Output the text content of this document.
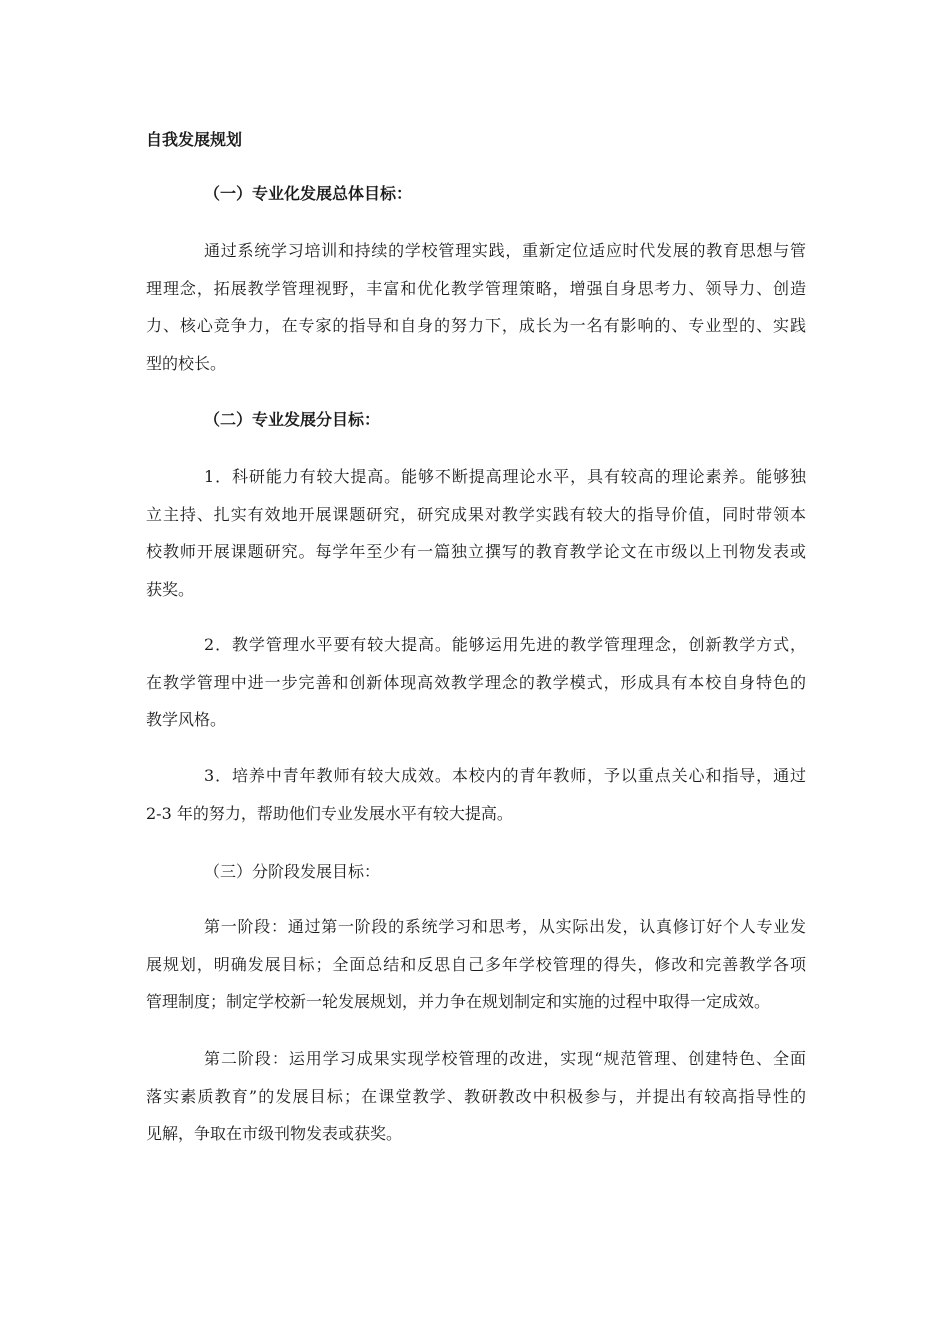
自我发展规划
（一）专业化发展总体目标：
通过系统学习培训和持续的学校管理实践，重新定位适应时代发展的教育思想与管
理理念，拓展教学管理视野，丰富和优化教学管理策略，增强自身思考力、领导力、创造
力、核心竞争力，在专家的指导和自身的努力下，成长为一名有影响的、专业型的、实践
型的校长。
（二）专业发展分目标：
1．科研能力有较大提高。能够不断提高理论水平，具有较高的理论素养。能够独
立主持、扎实有效地开展课题研究，研究成果对教学实践有较大的指导价值，同时带领本
校教师开展课题研究。每学年至少有一篇独立撰写的教育教学论文在市级以上刊物发表或
获奖。
2．教学管理水平要有较大提高。能够运用先进的教学管理理念，创新教学方式，
在教学管理中进一步完善和创新体现高效教学理念的教学模式，形成具有本校自身特色的
教学风格。
3．培养中青年教师有较大成效。本校内的青年教师，予以重点关心和指导，通过
2-3 年的努力，帮助他们专业发展水平有较大提高。
（三）分阶段发展目标：
第一阶段：通过第一阶段的系统学习和思考，从实际出发，认真修订好个人专业发
展规划，明确发展目标；全面总结和反思自己多年学校管理的得失，修改和完善教学各项
管理制度；制定学校新一轮发展规划，并力争在规划制定和实施的过程中取得一定成效。
第二阶段：运用学习成果实现学校管理的改进，实现“规范管理、创建特色、全面
落实素质教育”的发展目标；在课堂教学、教研教改中积极参与，并提出有较高指导性的
见解，争取在市级刊物发表或获奖。
